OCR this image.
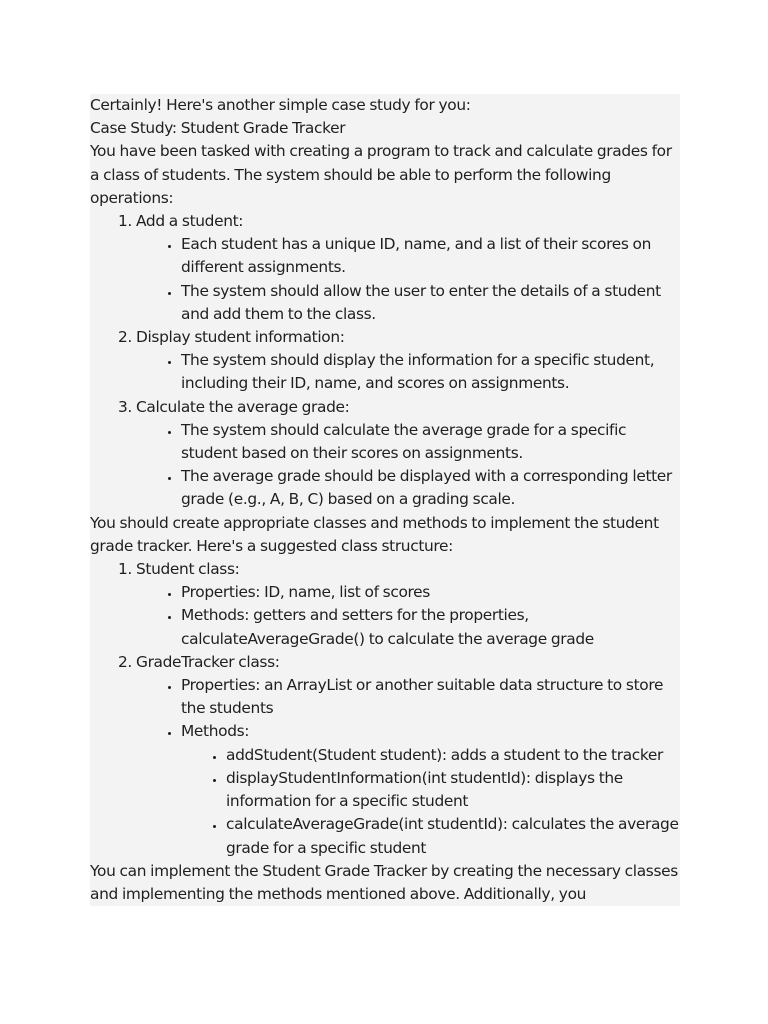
Certainly! Here's another simple case study for you:

Case Study: Student Grade Tracker

You have been tasked with creating a program to track and calculate grades for a class of students. The system should be able to perform the following operations:

1. Add a student:
• Each student has a unique ID, name, and a list of their scores on different assignments.
• The system should allow the user to enter the details of a student and add them to the class.
2. Display student information:
• The system should display the information for a specific student, including their ID, name, and scores on assignments.
3. Calculate the average grade:
• The system should calculate the average grade for a specific student based on their scores on assignments.
• The average grade should be displayed with a corresponding letter grade (e.g., A, B, C) based on a grading scale.

You should create appropriate classes and methods to implement the student grade tracker. Here's a suggested class structure:

1. Student class:
• Properties: ID, name, list of scores
• Methods: getters and setters for the properties, calculateAverageGrade() to calculate the average grade
2. GradeTracker class:
• Properties: an ArrayList or another suitable data structure to store the students
• Methods:
• addStudent(Student student): adds a student to the tracker
• displayStudentInformation(int studentId): displays the information for a specific student
• calculateAverageGrade(int studentId): calculates the average grade for a specific student

You can implement the Student Grade Tracker by creating the necessary classes and implementing the methods mentioned above. Additionally, you
